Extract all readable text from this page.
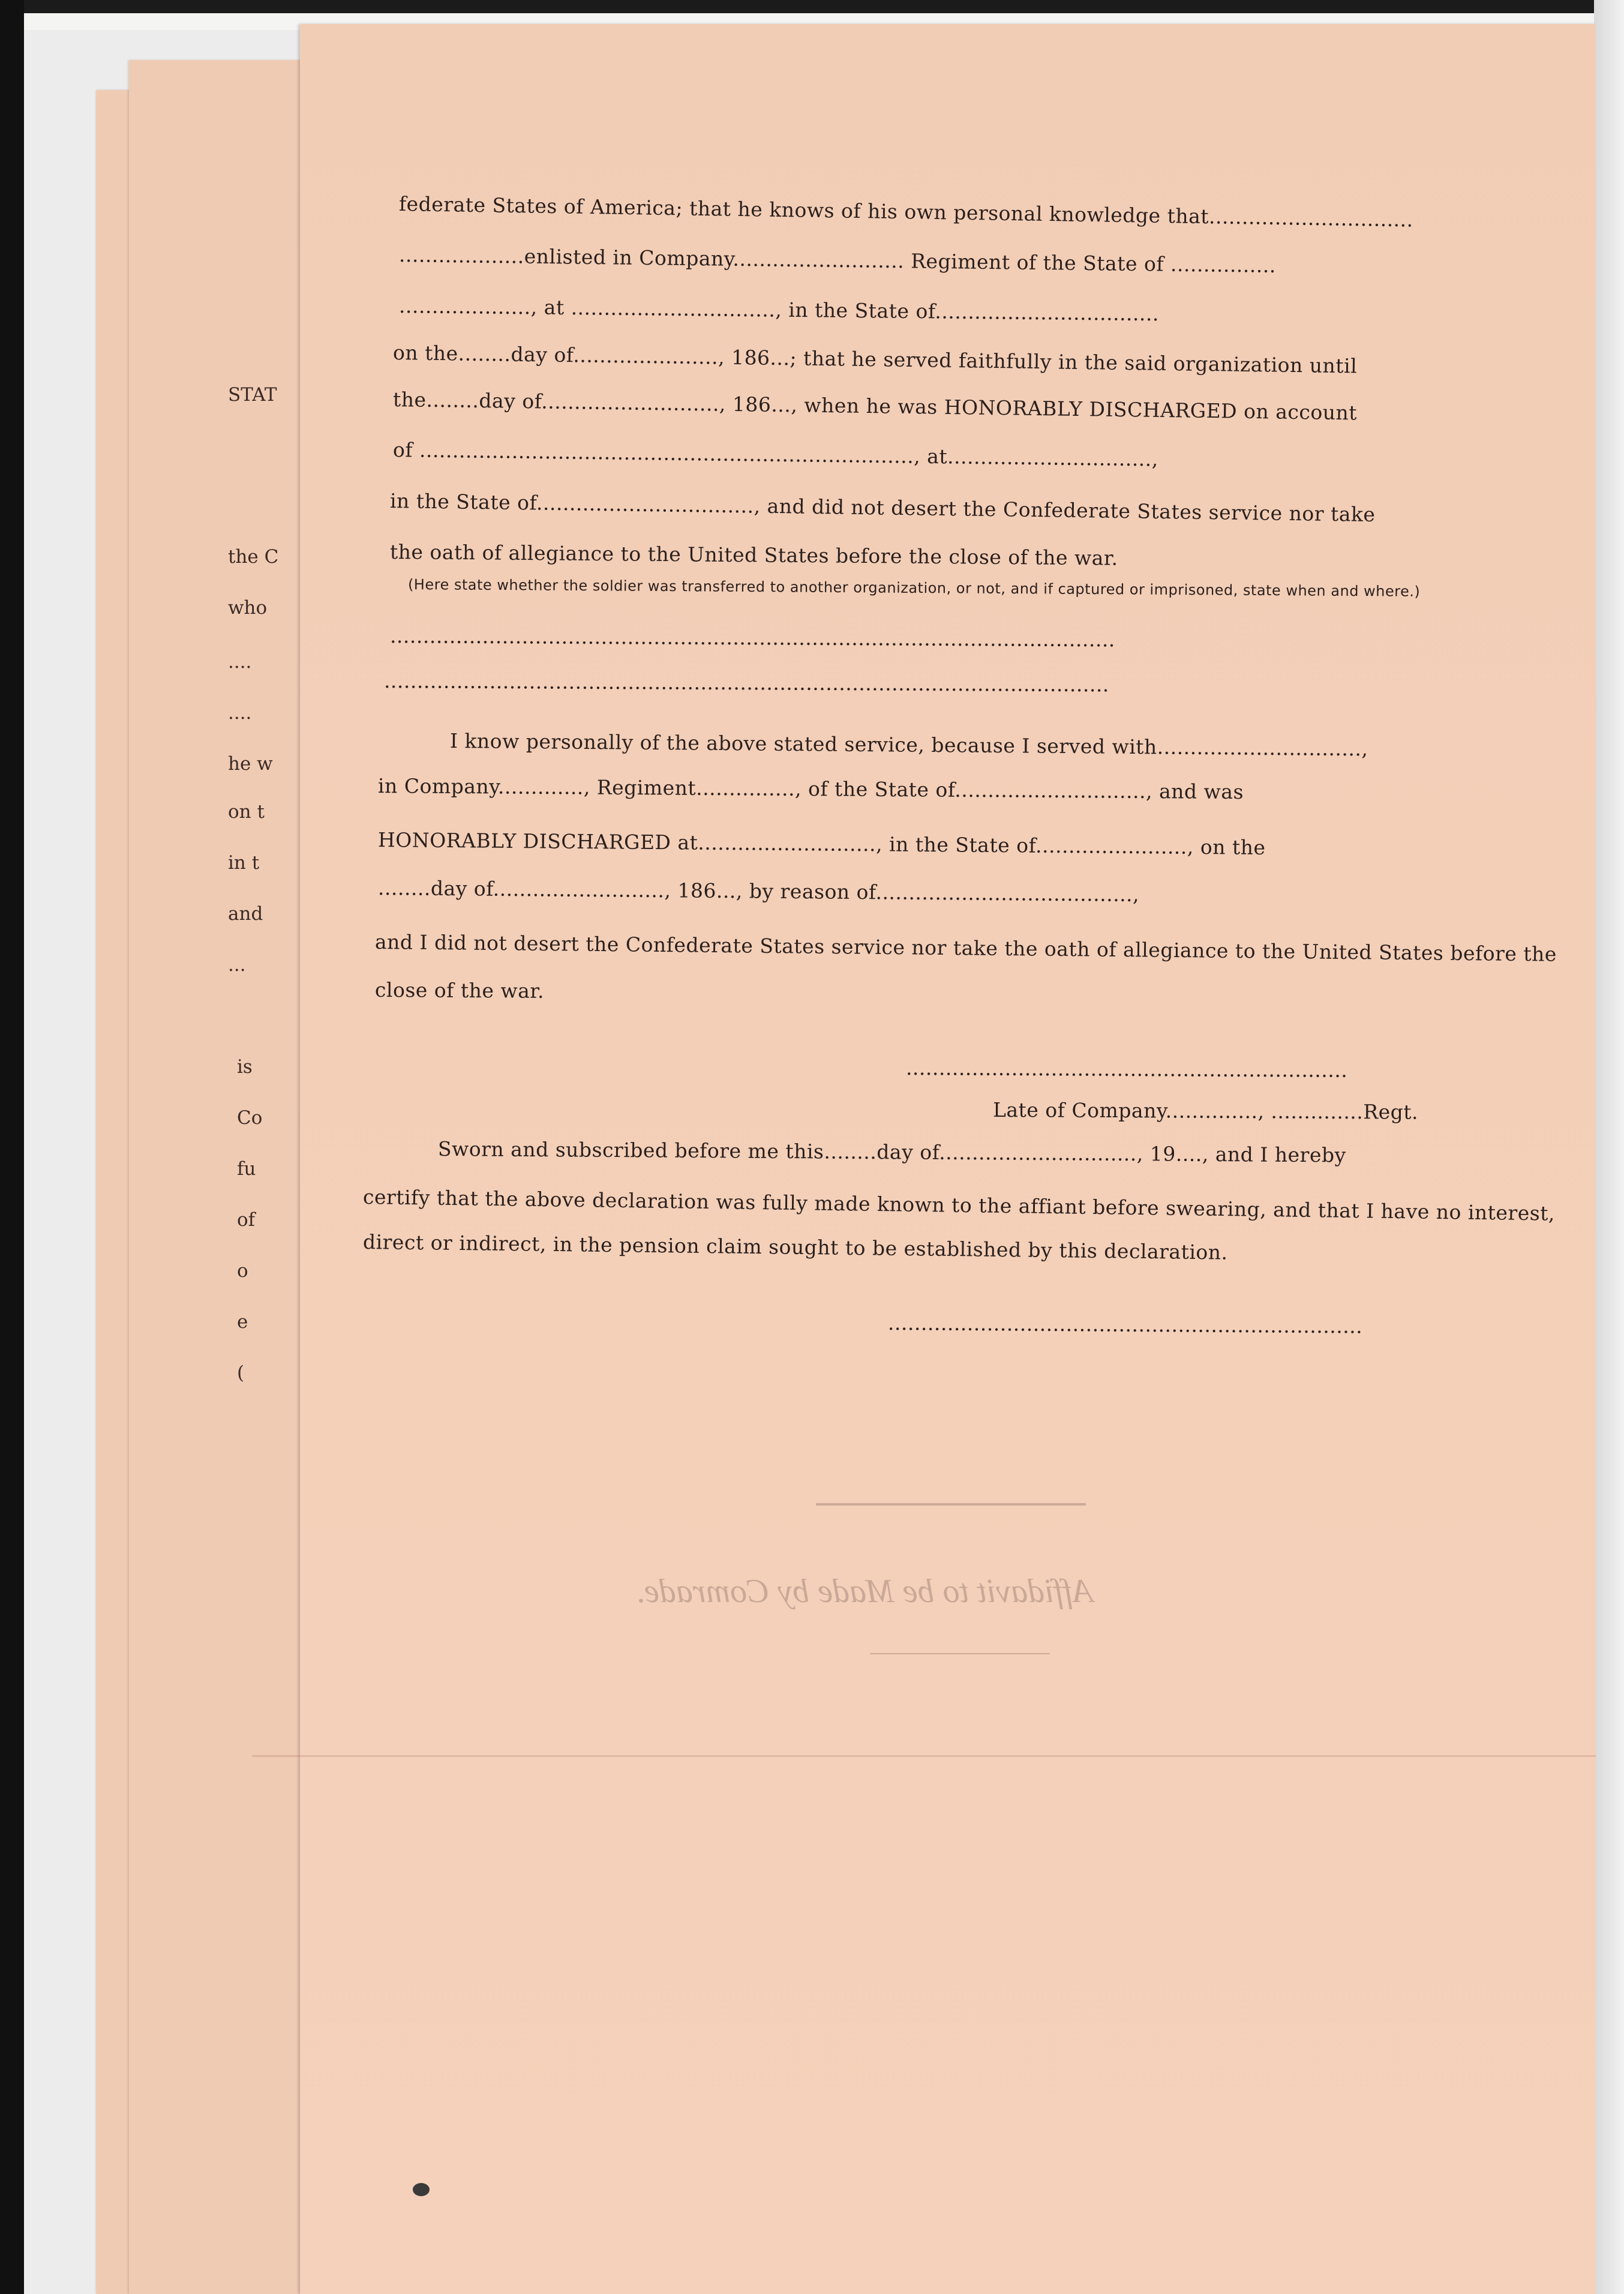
STAT
the C
who
....
....
he w
on t
in t
and
...
is
Co
fu
of
o
e
(
Affidavit to be Made by Comrade.
federate States of America; that he knows of his own personal knowledge that...............................
...................enlisted in Company.......................... Regiment of the State of ................
...................., at ..............................., in the State of..................................
on the........day of......................, 186...; that he served faithfully in the said organization until
the........day of..........................., 186..., when he was HONORABLY DISCHARGED on account
of ..........................................................................., at...............................,
in the State of................................., and did not desert the Confederate States service nor take
the oath of allegiance to the United States before the close of the war.
(Here state whether the soldier was transferred to another organization, or not, and if captured or imprisoned, state when and where.)
..............................................................................................................
..............................................................................................................
I know personally of the above stated service, because I served with...............................,
in Company............., Regiment..............., of the State of............................., and was
HONORABLY DISCHARGED at..........................., in the State of......................., on the
........day of.........................., 186..., by reason of.......................................,
and I did not desert the Confederate States service nor take the oath of allegiance to the United States before the
close of the war.
...................................................................
Late of Company.............., ..............Regt.
Sworn and subscribed before me this........day of.............................., 19...., and I hereby
certify that the above declaration was fully made known to the affiant before swearing, and that I have no interest,
direct or indirect, in the pension claim sought to be established by this declaration.
........................................................................
